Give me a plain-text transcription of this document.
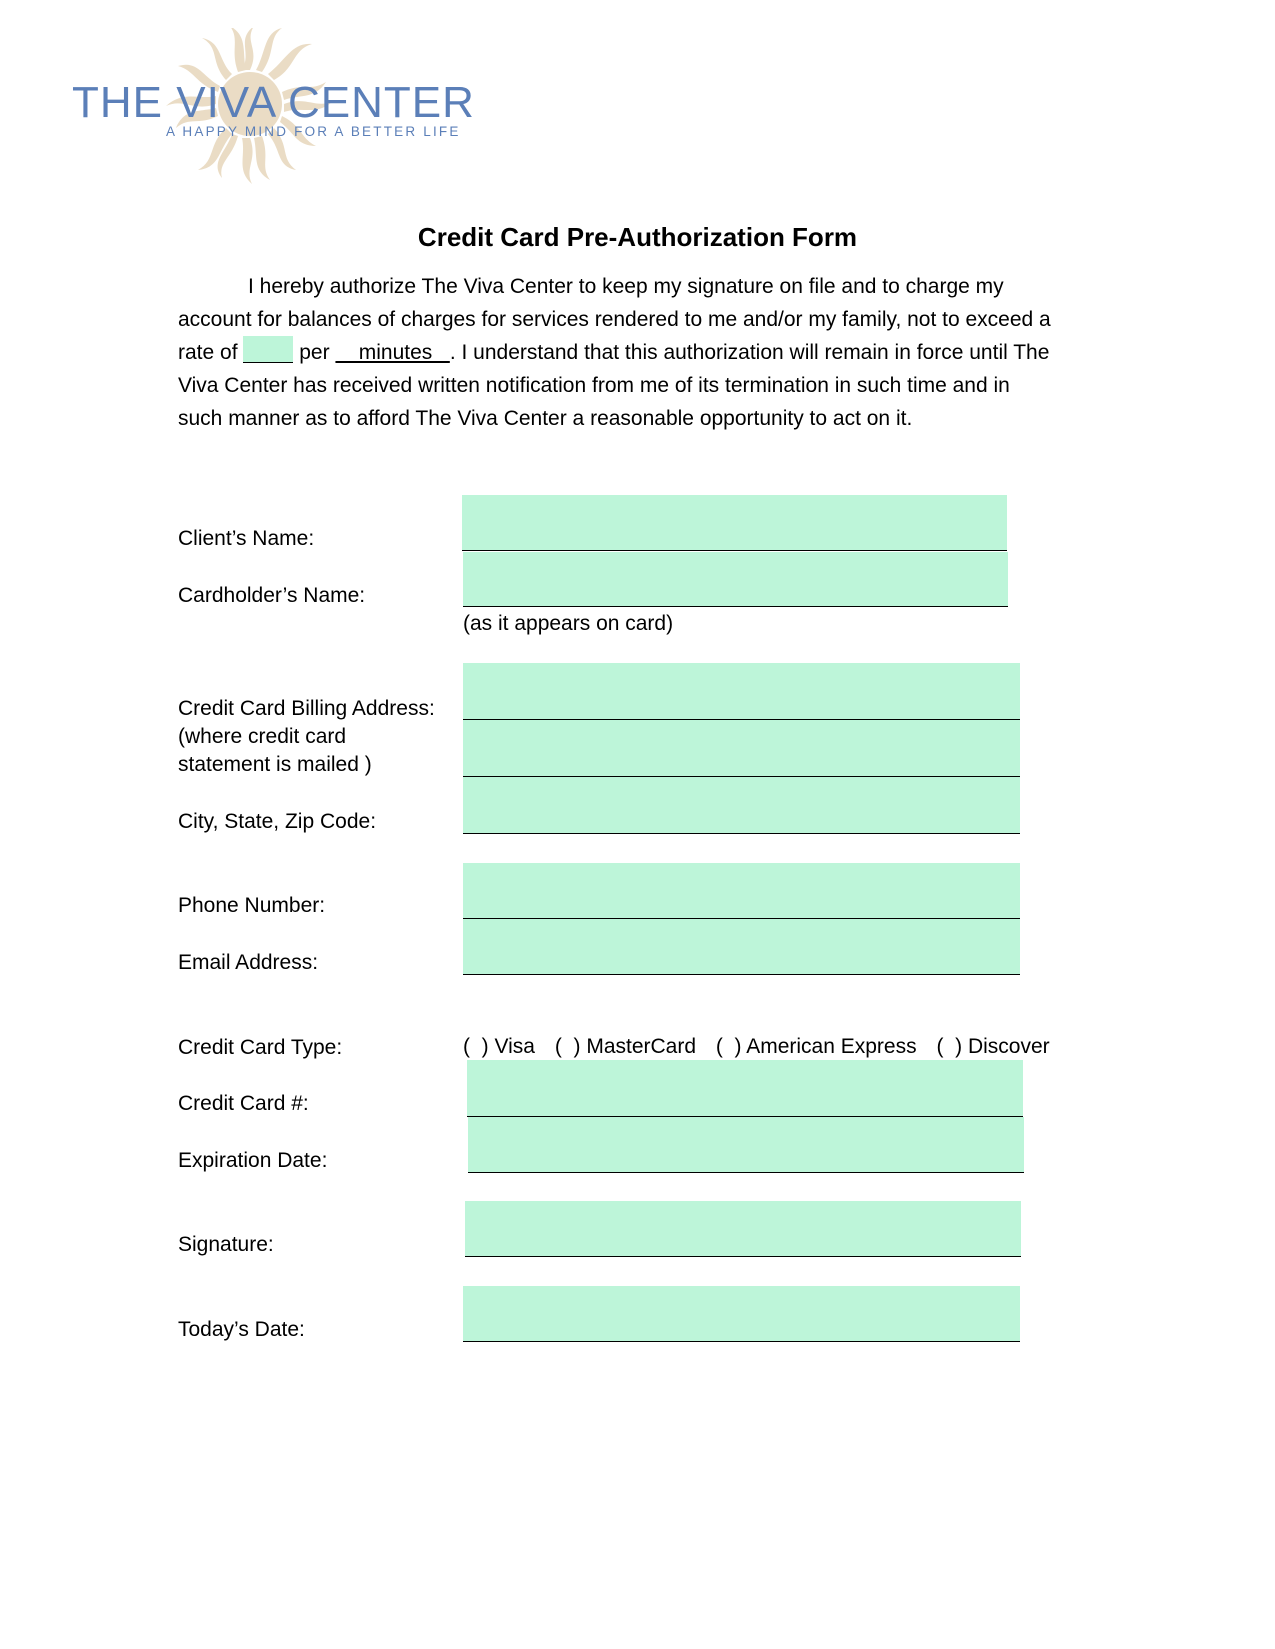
THE VIVA CENTER
A HAPPY MIND FOR A BETTER LIFE
Credit Card Pre-Authorization Form
I hereby authorize The Viva Center to keep my signature on file and to charge my account for balances of charges for services rendered to me and/or my family, not to exceed a rate of	per     minutes   . I understand that this authorization will remain in force until The Viva Center has received written notification from me of its termination in such time and in such manner as to afford The Viva Center a reasonable opportunity to act on it.
Client’s Name:
Cardholder’s Name:
(as it appears on card)
Credit Card Billing Address:
(where credit card
statement is mailed )
City, State, Zip Code:
Phone Number:
Email Address:
Credit Card Type:	(  ) Visa (  ) MasterCard (  ) American Express (  ) Discover
Credit Card #:
Expiration Date:
Signature:
Today’s Date:
